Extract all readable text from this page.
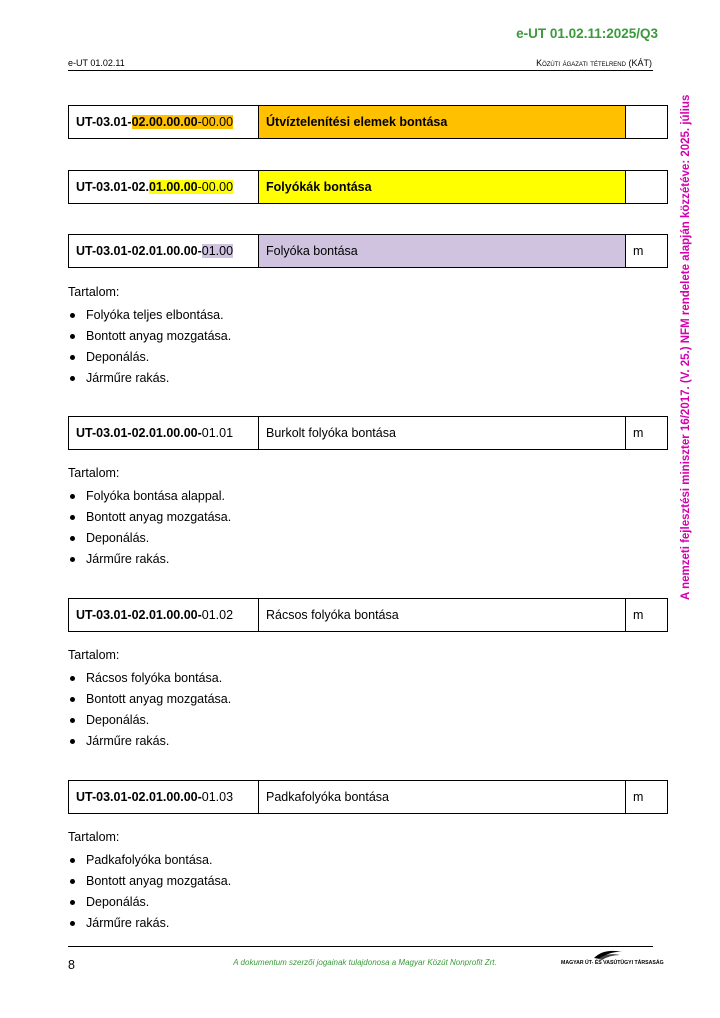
e-UT 01.02.11:2025/Q3
e-UT 01.02.11	Közúti ágazati tételrend (KÁT)
A nemzeti fejlesztési miniszter 16/2017. (V. 25.) NFM rendelete alapján közzétéve: 2025. július
UT-03.01- 02.00.00.00 -00.00	Útvíztelenítési elemek bontása
UT-03.01-02. 01.00.00 -00.00	Folyókák bontása
UT-03.01-02.01.00.00- 01.00	Folyóka bontása	m

Tartalom:

Folyóka teljes elbontása.
Bontott anyag mozgatása.
Deponálás.
Járműre rakás.
UT-03.01-02.01.00.00- 01.01	Burkolt folyóka bontása	m

Tartalom:

Folyóka bontása alappal.
Bontott anyag mozgatása.
Deponálás.
Járműre rakás.
UT-03.01-02.01.00.00- 01.02	Rácsos folyóka bontása	m

Tartalom:

Rácsos folyóka bontása.
Bontott anyag mozgatása.
Deponálás.
Járműre rakás.
UT-03.01-02.01.00.00- 01.03	Padkafolyóka bontása	m

Tartalom:

Padkafolyóka bontása.
Bontott anyag mozgatása.
Deponálás.
Járműre rakás.
8	A dokumentum szerzői jogainak tulajdonosa a Magyar Közút Nonprofit Zrt.	MAGYAR ÚT- ÉS VASÚTÜGYI TÁRSASÁG
